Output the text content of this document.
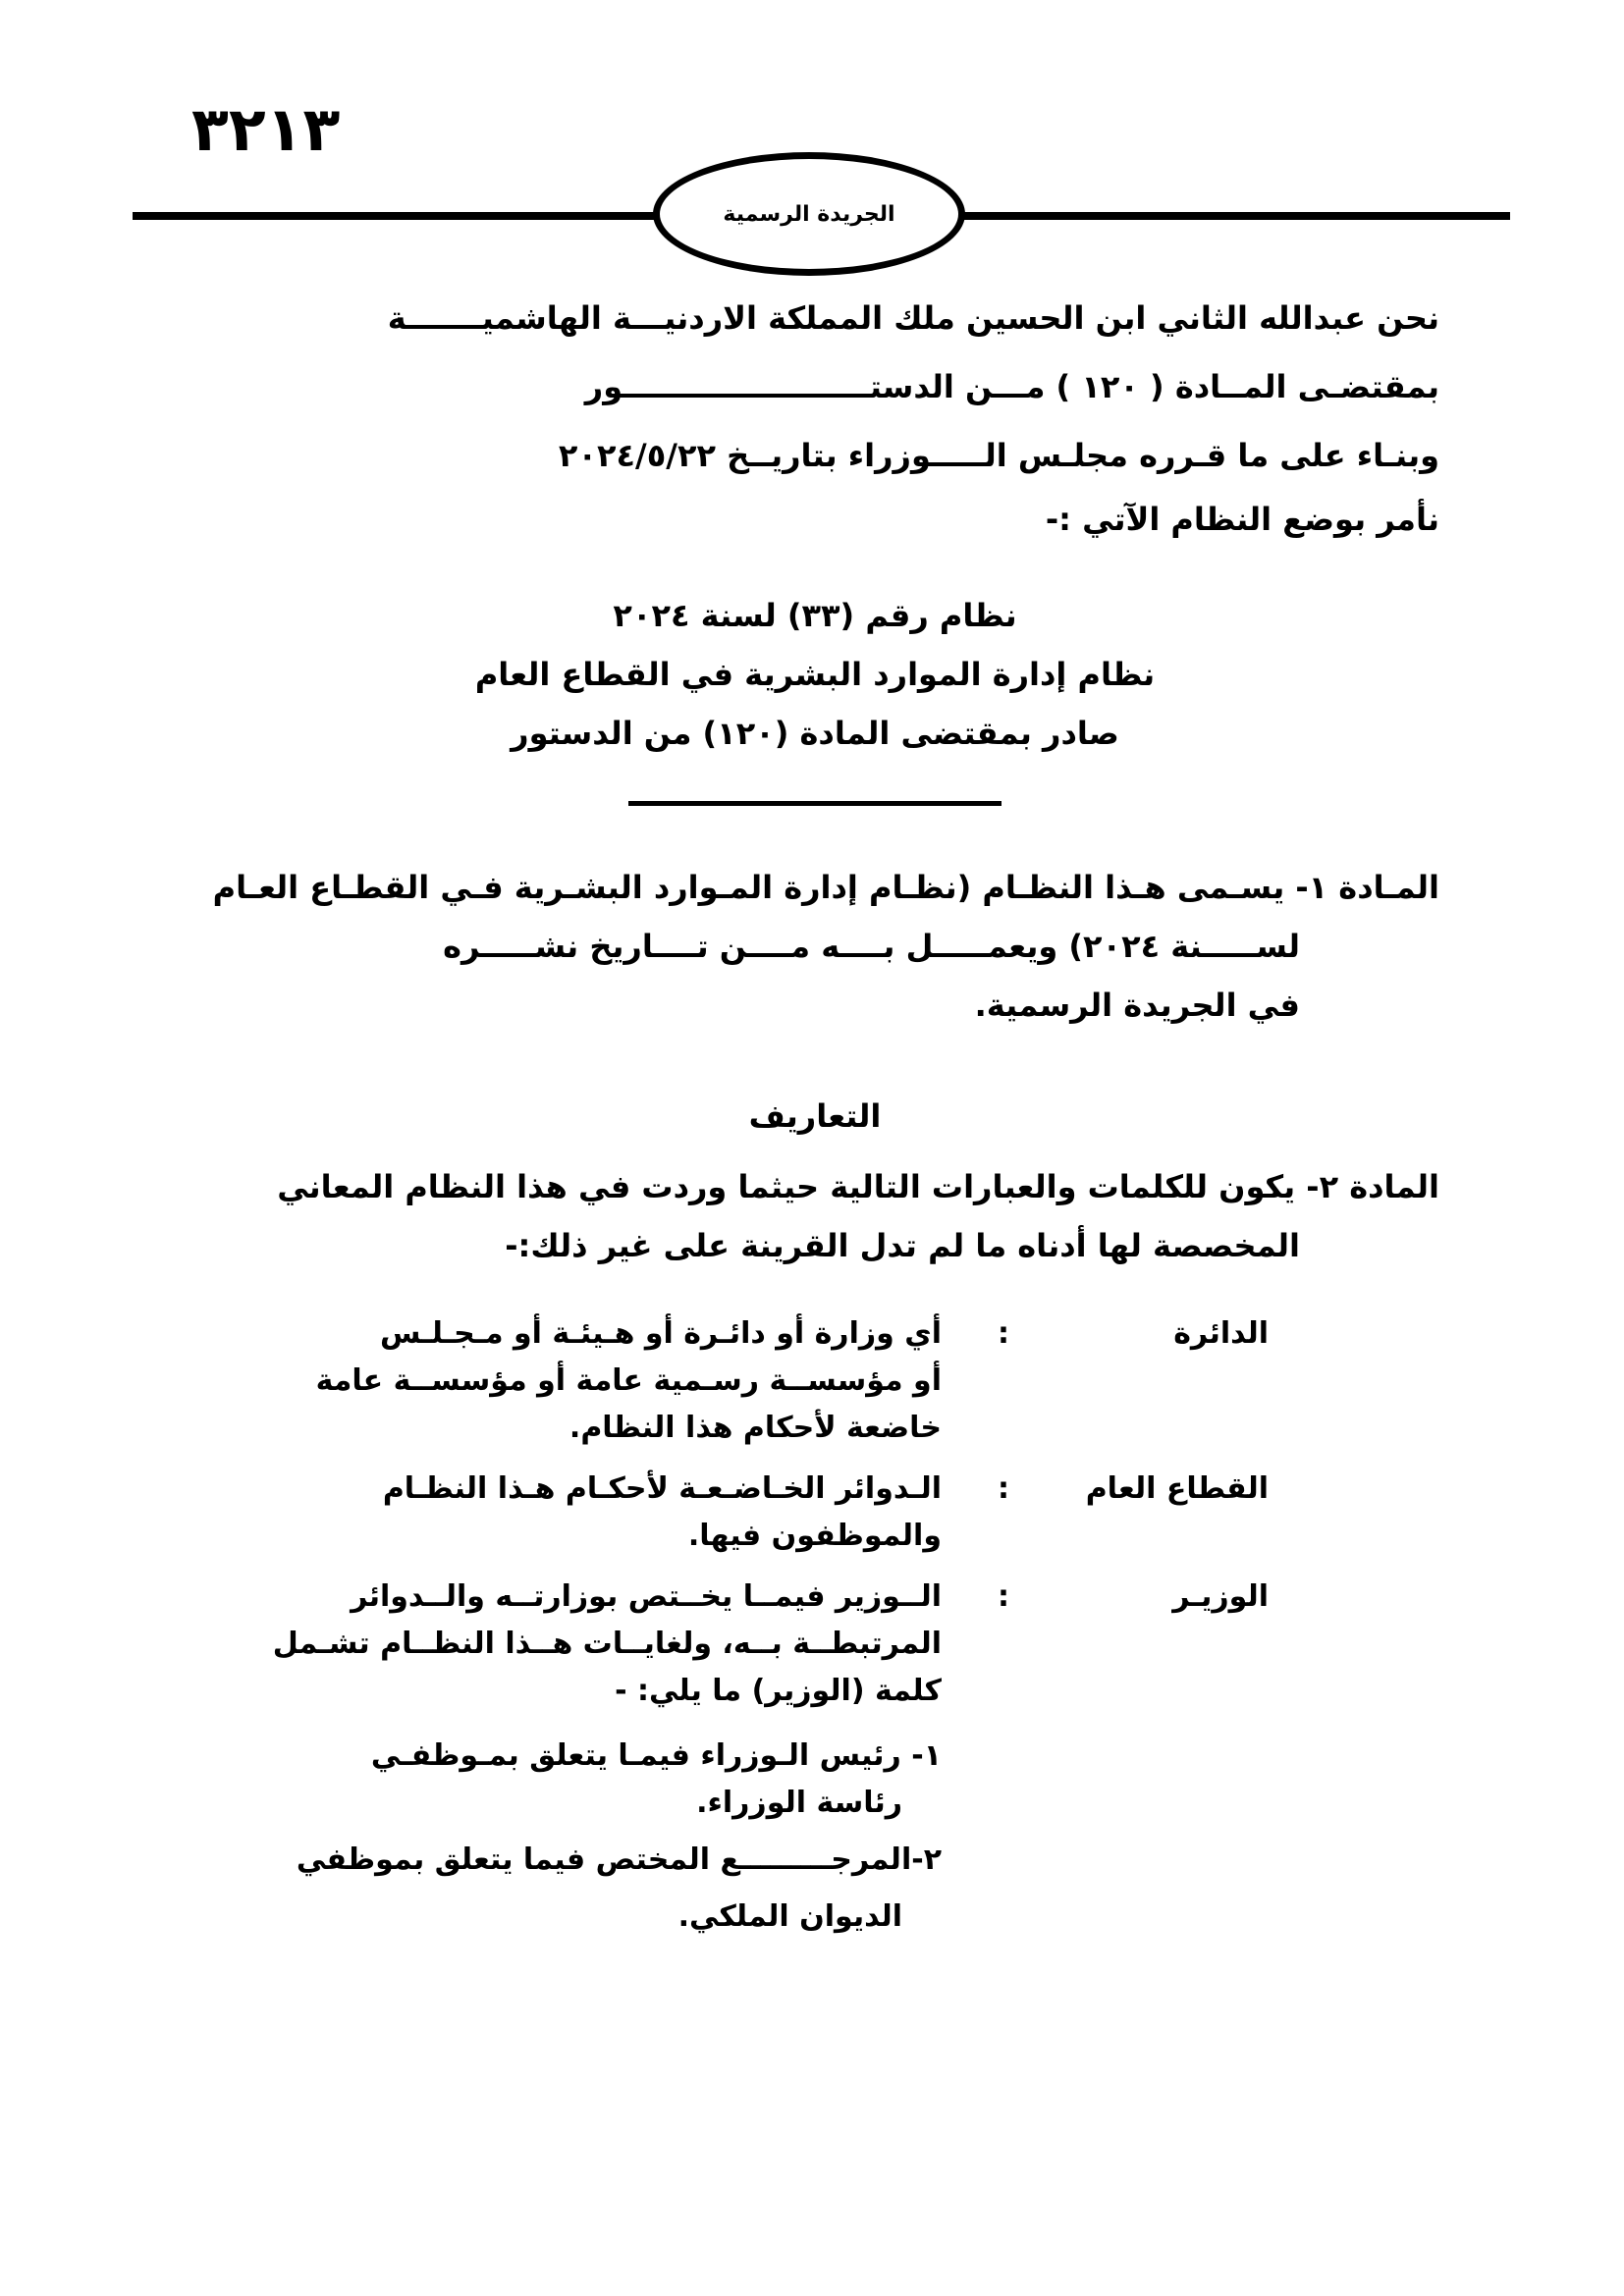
٣٢١٣
الجريدة الرسمية
نحن عبدالله الثاني ابن الحسين ملك المملكة الاردنيـــة الهاشميـــــــة
بمقتضـى المــادة ( ١٢٠ ) مـــن الدستـــــــــــــــــــــــور
وبنـاء على ما قـرره مجلـس الـــــوزراء بتاريــخ ٢٠٢٤/٥/٢٢
نأمر بوضع النظام الآتي :-
نظام رقم (٣٣) لسنة ٢٠٢٤
نظام إدارة الموارد البشرية في القطاع العام
صادر بمقتضى المادة (١٢٠) من الدستور
المـادة ١- يسـمى هـذا النظـام (نظـام إدارة المـوارد البشـرية فـي القطـاع العـام
لســـــنة ٢٠٢٤) ويعمـــــل بــــه مــــن تــــاريخ نشـــــره
في الجريدة الرسمية.
التعاريف
المادة ٢- يكون للكلمات والعبارات التالية حيثما وردت في هذا النظام المعاني
المخصصة لها أدناه ما لم تدل القرينة على غير ذلك:-
الدائرة
:
أي وزارة أو دائـرة أو هـيئـة أو مـجـلـس
أو مؤسســة رسـمية عامة أو مؤسســة عامة
خاضعة لأحكام هذا النظام.
القطاع العام
:
الـدوائر الخـاضـعـة لأحكـام هـذا النظـام
والموظفون فيها.
الوزيـر
:
الــوزير فيمــا يخــتص بوزارتــه والــدوائر
المرتبطــة بــه، ولغايــات هــذا النظــام تشـمل
كلمة (الوزير) ما يلي: -
١- رئيس الـوزراء فيمـا يتعلق بمـوظفـي
رئاسة الوزراء.
٢-المرجـــــــــع المختص فيما يتعلق بموظفي
الديوان الملكي.
